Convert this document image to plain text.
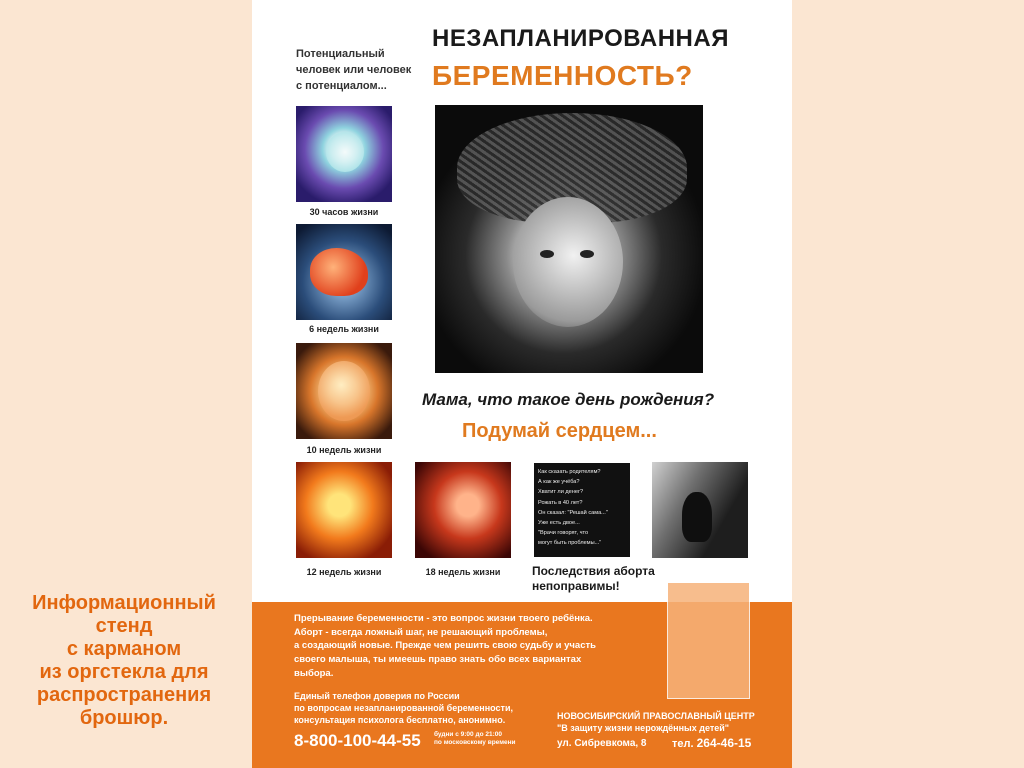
Информационный
стенд
с карманом
из оргстекла для
распространения
брошюр.
НЕЗАПЛАНИРОВАННАЯ
БЕРЕМЕННОСТЬ?
Потенциальный
человек или человек
с потенциалом...
30 часов жизни
6 недель жизни
10 недель жизни
12 недель жизни	18 недель жизни
Мама, что такое день рождения?
Подумай сердцем...
Как сказать родителям?
А как же учёба?
Хватит ли денег?
Рожать в 40 лет?
Он сказал: "Решай сама..."
Уже есть двое...
"Врачи говорят, что
могут быть проблемы..."
Последствия аборта
непоправимы!
Прерывание беременности - это вопрос жизни твоего ребёнка.
Аборт - всегда ложный шаг, не решающий проблемы,
а создающий новые. Прежде чем решить свою судьбу и участь
своего малыша, ты имеешь право знать обо всех вариантах
выбора.
Единый телефон доверия по России
по вопросам незапланированной беременности,
консультация психолога бесплатно, анонимно.
8-800-100-44-55 будни с 9:00 до 21:00
по московскому времени
НОВОСИБИРСКИЙ ПРАВОСЛАВНЫЙ ЦЕНТР
"В защиту жизни нерождённых детей"
ул. Сибревкома, 8 тел. 264-46-15
